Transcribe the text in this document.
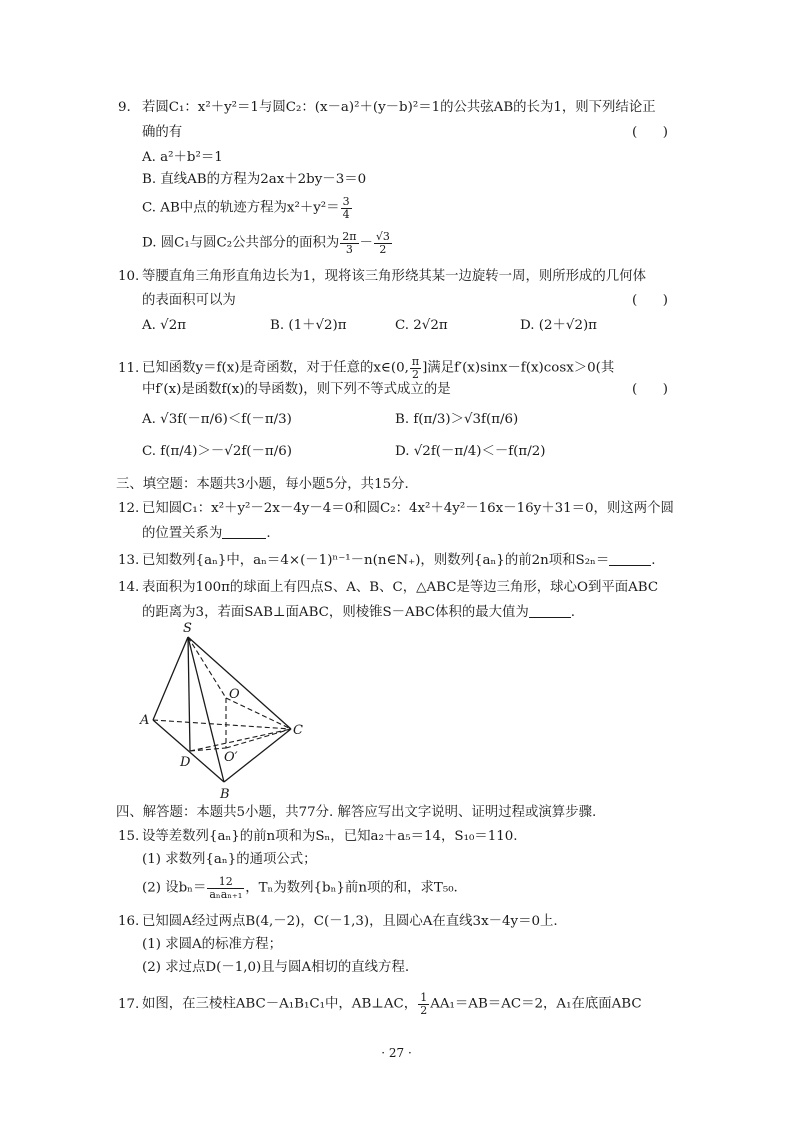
9. 若圆C₁：x²＋y²＝1与圆C₂：(x－a)²＋(y－b)²＝1的公共弦AB的长为1，则下列结论正
确的有	(      )
A. a²＋b²＝1
B. 直线AB的方程为2ax＋2by－3＝0
C. AB中点的轨迹方程为$x^2+y^2= \frac{3}{4}$
D. 圆C₁与圆C₂公共部分的面积为 $\frac{2\pi}{3} - \frac{√3}{2}$
10. 等腰直角三角形直角边长为1，现将该三角形绕其某一边旋转一周，则所形成的几何体
的表面积可以为	(      )
A. √2π	B. (1＋√2)π	C. 2√2π	D. (2＋√2)π
11. 已知函数y＝f(x)是奇函数，对于任意的x∈(0, $\frac{\pi}{2}$ ]满足f′(x)sinx－f(x)cosx＞0(其
中f′(x)是函数f(x)的导函数)，则下列不等式成立的是	(      )
A. √3f(－π/6)＜f(－π/3)	B. f(π/3)＞√3f(π/6)
C. f(π/4)＞－√2f(－π/6)	D. √2f(－π/4)＜－f(π/2)
三、填空题：本题共3小题，每小题5分，共15分.
12. 已知圆C₁：x²＋y²－2x－4y－4＝0和圆C₂：4x²＋4y²－16x－16y＋31＝0，则这两个圆
的位置关系为	.
13. 已知数列{aₙ}中，aₙ＝4×(－1)ⁿ⁻¹－n(n∈N₊)，则数列{aₙ}的前2n项和S₂ₙ＝	.
14. 表面积为100π的球面上有四点S、A、B、C，△ABC是等边三角形，球心O到平面ABC
的距离为3，若面SAB⊥面ABC，则棱锥S－ABC体积的最大值为	.
S
A
O
C
D	O′
B
四、解答题：本题共5小题，共77分. 解答应写出文字说明、证明过程或演算步骤.
15. 设等差数列{aₙ}的前n项和为Sₙ，已知a₂＋a₅＝14，S₁₀＝110.
(1) 求数列{aₙ}的通项公式；
(2) 设$b_n= \frac{12}{\text{aₙaₙ₊₁}}$ ，Tₙ为数列{bₙ}前n项的和，求T₅₀.
16. 已知圆A经过两点B(4,－2)，C(－1,3)，且圆心A在直线3x－4y＝0上.
(1) 求圆A的标准方程；
(2) 求过点D(－1,0)且与圆A相切的直线方程.
17. 如图，在三棱柱ABC－A₁B₁C₁中，AB⊥AC， $\frac{1}{2} AA_1=AB=AC=2$，A₁在底面ABC
· 27 ·
